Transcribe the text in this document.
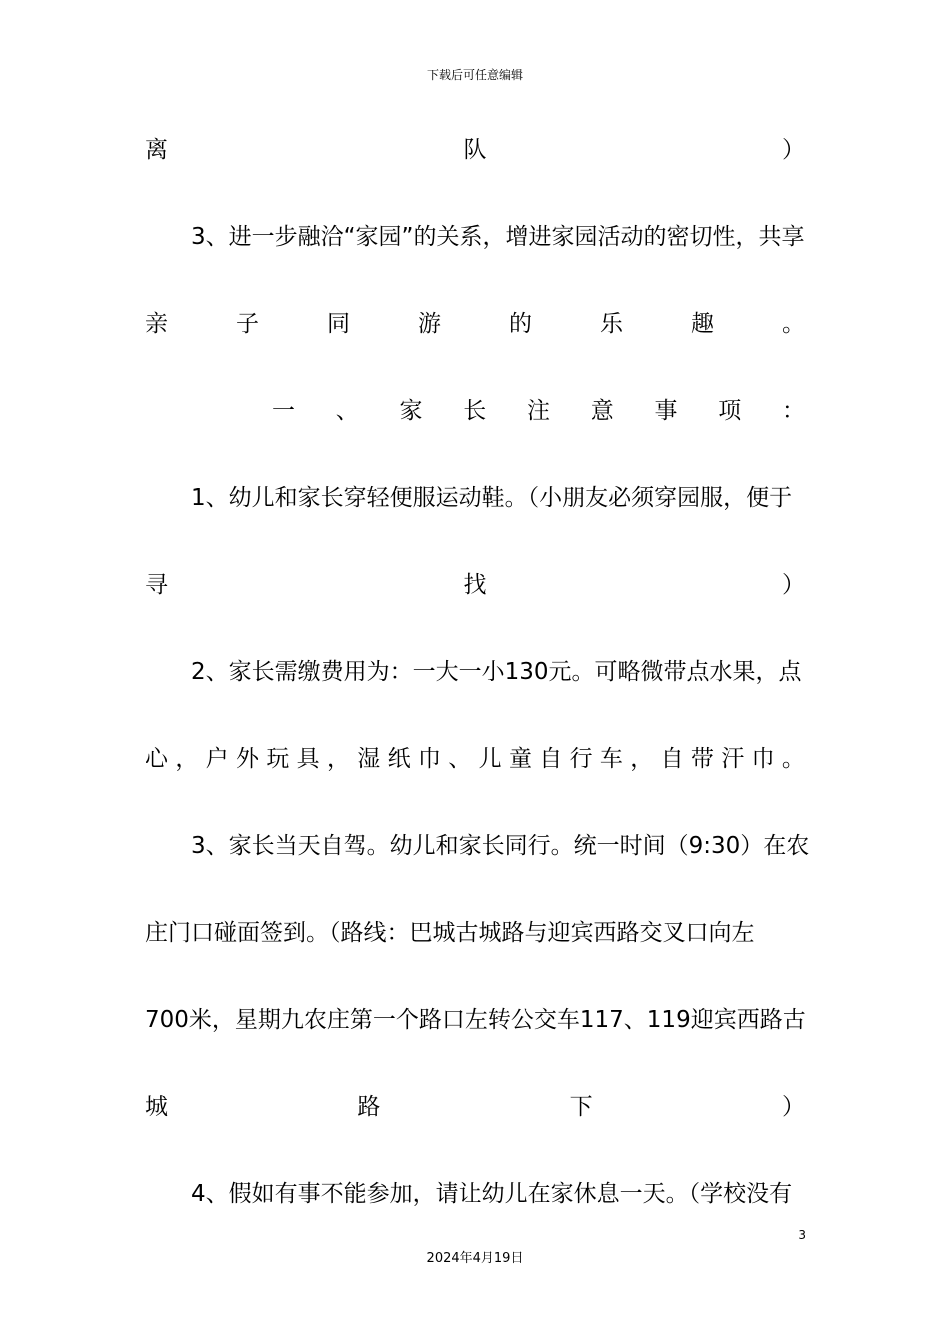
下载后可任意编辑
离	队	）
3、进一步融洽“家园”的关系，增进家园活动的密切性，共享
亲	子	同	游	的	乐	趣	。
一 、 家 长 注 意 事 项 ：
1、幼儿和家长穿轻便服运动鞋。（小朋友必须穿园服，便于
寻	找	）
2、家长需缴费用为：一大一小130元。可略微带点水果，点
心 ， 户 外 玩 具 ， 湿 纸 巾 、 儿 童 自 行 车 ， 自 带 汗 巾 。
3、家长当天自驾。幼儿和家长同行。统一时间（9:30）在农
庄门口碰面签到。（路线：巴城古城路与迎宾西路交叉口向左
700米，星期九农庄第一个路口左转公交车117、119迎宾西路古
城	路	下	）
4、假如有事不能参加，请让幼儿在家休息一天。（学校没有
3
2024年4月19日
